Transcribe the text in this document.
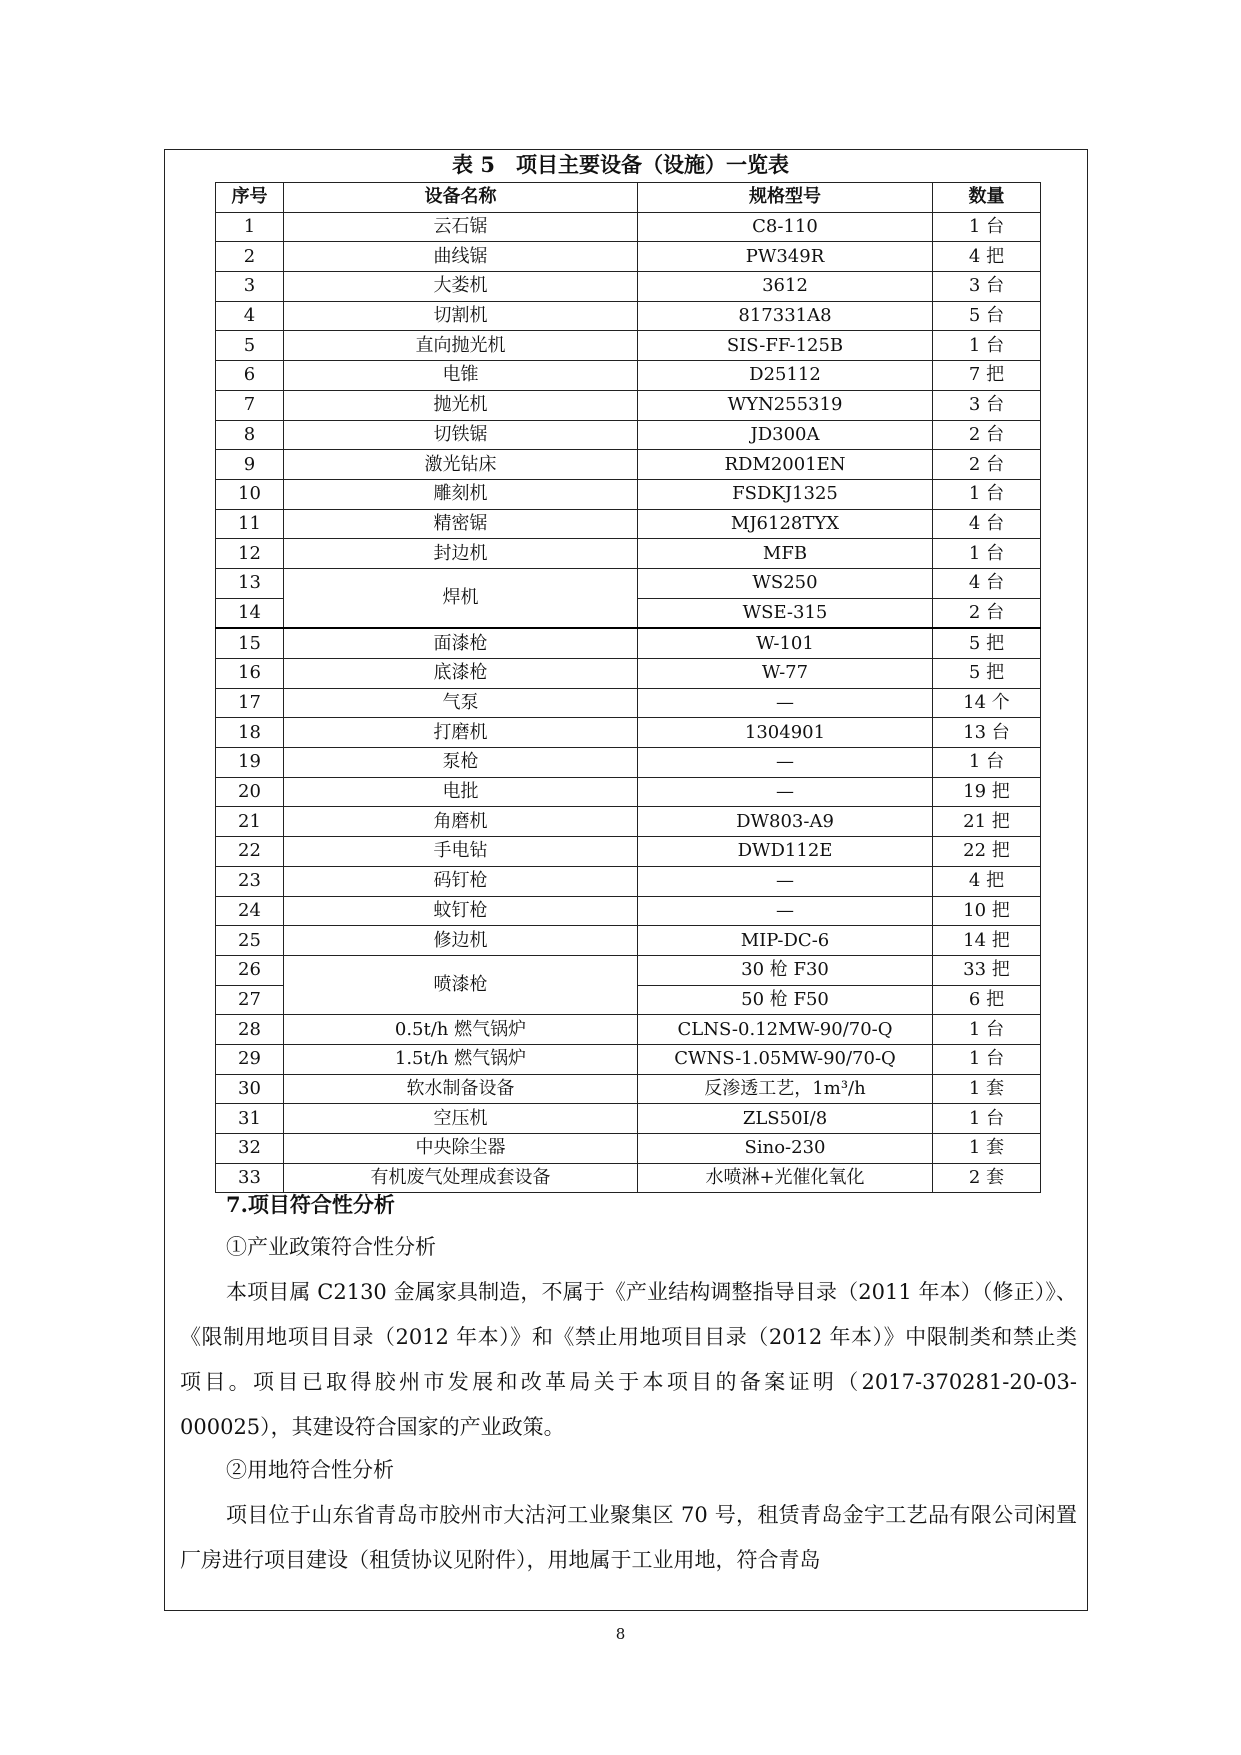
表 5　项目主要设备（设施）一览表
序号	设备名称	规格型号	数量
1	云石锯	C8-110	1 台
2	曲线锯	PW349R	4 把
3	大娄机	3612	3 台
4	切割机	817331A8	5 台
5	直向抛光机	SIS-FF-125B	1 台
6	电锥	D25112	7 把
7	抛光机	WYN255319	3 台
8	切铁锯	JD300A	2 台
9	激光钻床	RDM2001EN	2 台
10	雕刻机	FSDKJ1325	1 台
11	精密锯	MJ6128TYX	4 台
12	封边机	MFB	1 台
13	焊机	WS250	4 台
14		WSE-315	2 台
15	面漆枪	W-101	5 把
16	底漆枪	W-77	5 把
17	气泵	—	14 个
18	打磨机	1304901	13 台
19	泵枪	—	1 台
20	电批	—	19 把
21	角磨机	DW803-A9	21 把
22	手电钻	DWD112E	22 把
23	码钉枪	—	4 把
24	蚊钉枪	—	10 把
25	修边机	MIP-DC-6	14 把
26	喷漆枪	30 枪 F30	33 把
27		50 枪 F50	6 把
28	0.5t/h 燃气锅炉	CLNS-0.12MW-90/70-Q	1 台
29	1.5t/h 燃气锅炉	CWNS-1.05MW-90/70-Q	1 台
30	软水制备设备	反渗透工艺，1m³/h	1 套
31	空压机	ZLS50I/8	1 台
32	中央除尘器	Sino-230	1 套
33	有机废气处理成套设备	水喷淋+光催化氧化	2 套
7.项目符合性分析
①产业政策符合性分析
本项目属 C2130 金属家具制造，不属于《产业结构调整指导目录（2011 年本）（修正）》、《限制用地项目目录（2012 年本）》和《禁止用地项目目录（2012 年本）》中限制类和禁止类项目。项目已取得胶州市发展和改革局关于本项目的备案证明（2017-370281-20-03-000025），其建设符合国家的产业政策。
②用地符合性分析
项目位于山东省青岛市胶州市大沽河工业聚集区 70 号，租赁青岛金宇工艺品有限公司闲置厂房进行项目建设（租赁协议见附件），用地属于工业用地，符合青岛
8
